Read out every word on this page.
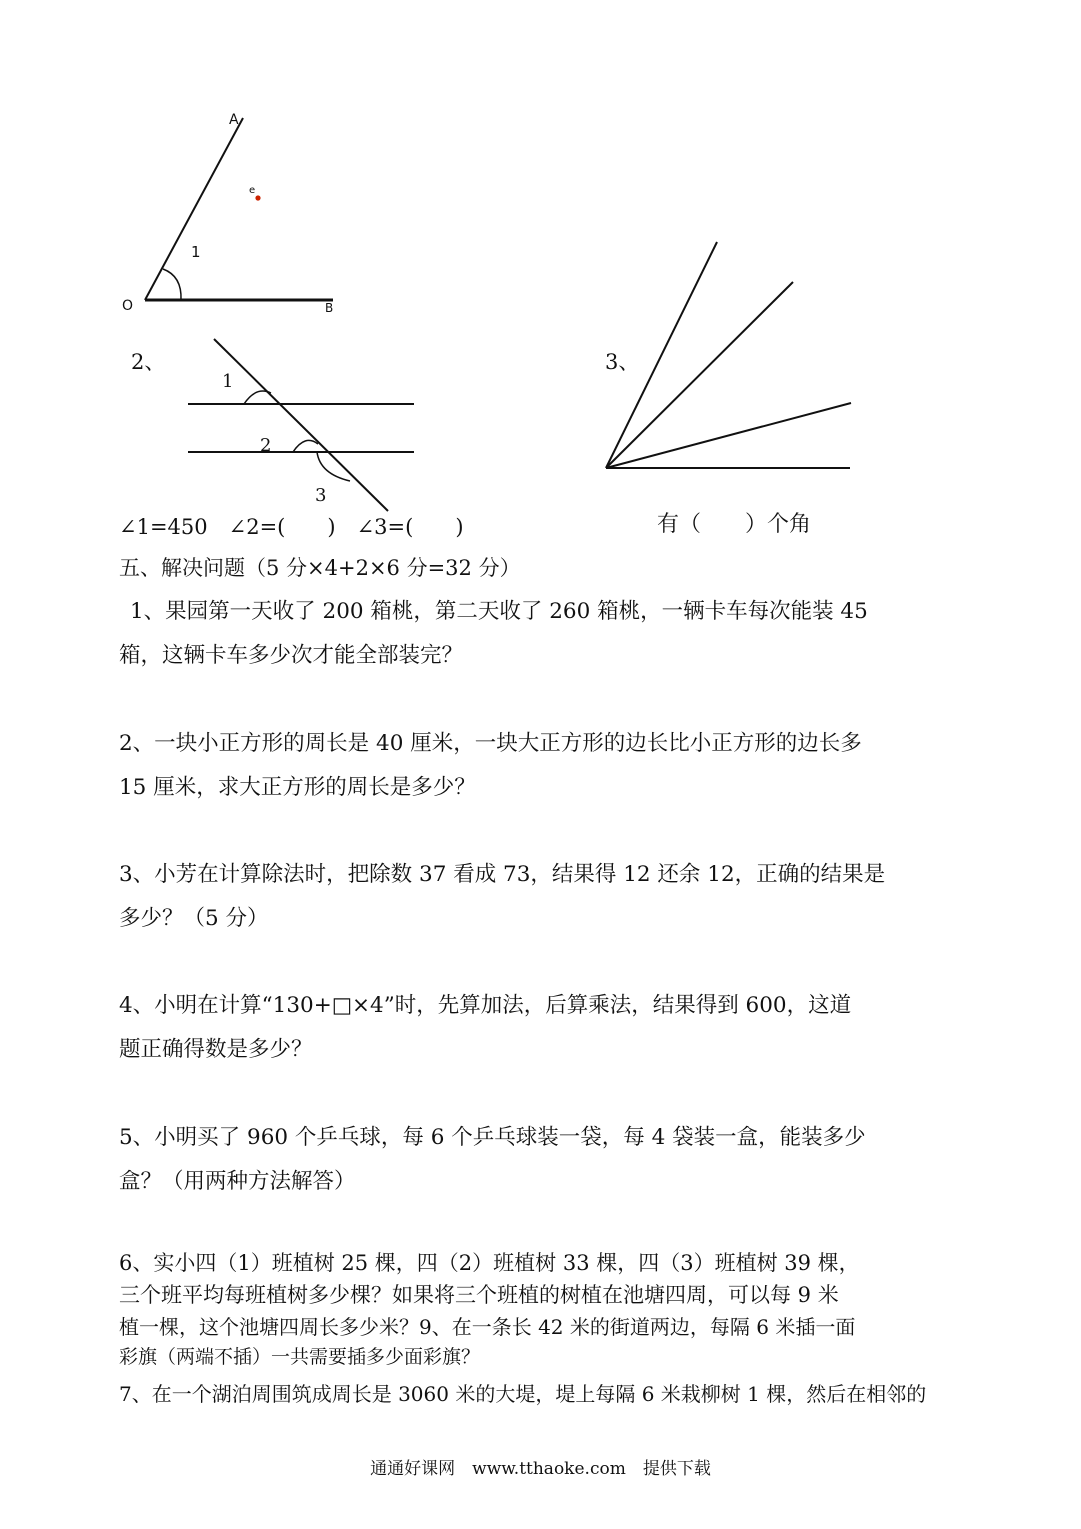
A
O	B
1
e
1
2
3
2、	3、
∠1=450　∠2=(　　)　∠3=(　　)	有（　　）个角
五、解决问题（5 分×4+2×6 分=32 分）
1、果园第一天收了 200 箱桃，第二天收了 260 箱桃，一辆卡车每次能装 45
箱，这辆卡车多少次才能全部装完？
2、一块小正方形的周长是 40 厘米，一块大正方形的边长比小正方形的边长多
15 厘米，求大正方形的周长是多少？
3、小芳在计算除法时，把除数 37 看成 73，结果得 12 还余 12，正确的结果是
多少？（5 分）
4、小明在计算“130+□×4”时，先算加法，后算乘法，结果得到 600，这道
题正确得数是多少？
5、小明买了 960 个乒乓球，每 6 个乒乓球装一袋，每 4 袋装一盒，能装多少
盒？（用两种方法解答）
6、实小四（1）班植树 25 棵，四（2）班植树 33 棵，四（3）班植树 39 棵，
三个班平均每班植树多少棵？如果将三个班植的树植在池塘四周，可以每 9 米
植一棵，这个池塘四周长多少米？9、在一条长 42 米的街道两边，每隔 6 米插一面
彩旗（两端不插）一共需要插多少面彩旗？
7、在一个湖泊周围筑成周长是 3060 米的大堤，堤上每隔 6 米栽柳树 1 棵，然后在相邻的
通通好课网　www.tthaoke.com　提供下载
